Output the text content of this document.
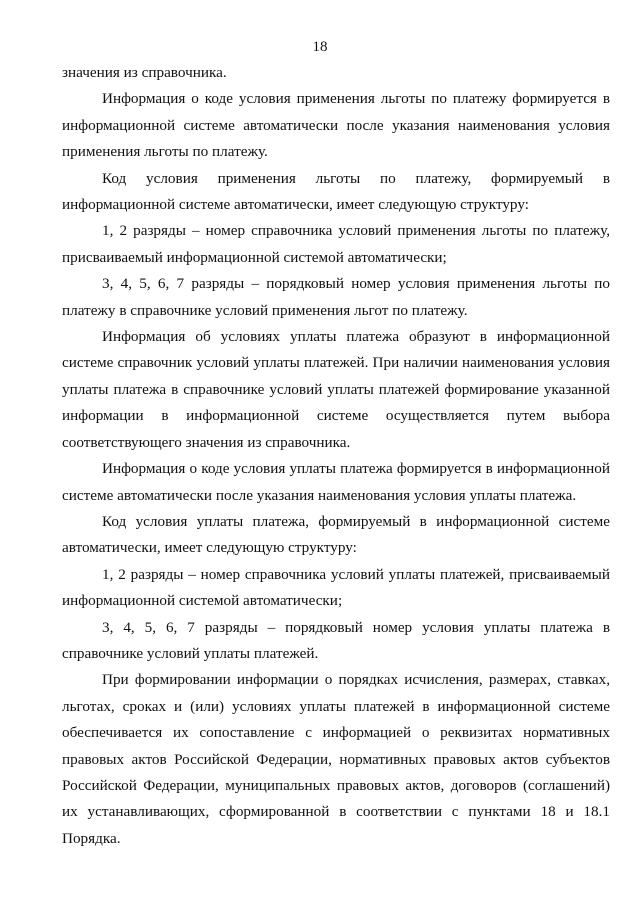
18

значения из справочника.

Информация о коде условия применения льготы по платежу формируется в информационной системе автоматически после указания наименования условия применения льготы по платежу.

Код условия применения льготы по платежу, формируемый в информационной системе автоматически, имеет следующую структуру:

1, 2 разряды – номер справочника условий применения льготы по платежу, присваиваемый информационной системой автоматически;

3, 4, 5, 6, 7 разряды – порядковый номер условия применения льготы по платежу в справочнике условий применения льгот по платежу.

Информация об условиях уплаты платежа образуют в информационной системе справочник условий уплаты платежей. При наличии наименования условия уплаты платежа в справочнике условий уплаты платежей формирование указанной информации в информационной системе осуществляется путем выбора соответствующего значения из справочника.

Информация о коде условия уплаты платежа формируется в информационной системе автоматически после указания наименования условия уплаты платежа.

Код условия уплаты платежа, формируемый в информационной системе автоматически, имеет следующую структуру:

1, 2 разряды – номер справочника условий уплаты платежей, присваиваемый информационной системой автоматически;

3, 4, 5, 6, 7 разряды – порядковый номер условия уплаты платежа в справочнике условий уплаты платежей.

При формировании информации о порядках исчисления, размерах, ставках, льготах, сроках и (или) условиях уплаты платежей в информационной системе обеспечивается их сопоставление с информацией о реквизитах нормативных правовых актов Российской Федерации, нормативных правовых актов субъектов Российской Федерации, муниципальных правовых актов, договоров (соглашений) их устанавливающих, сформированной в соответствии с пунктами 18 и 18.1 Порядка.
